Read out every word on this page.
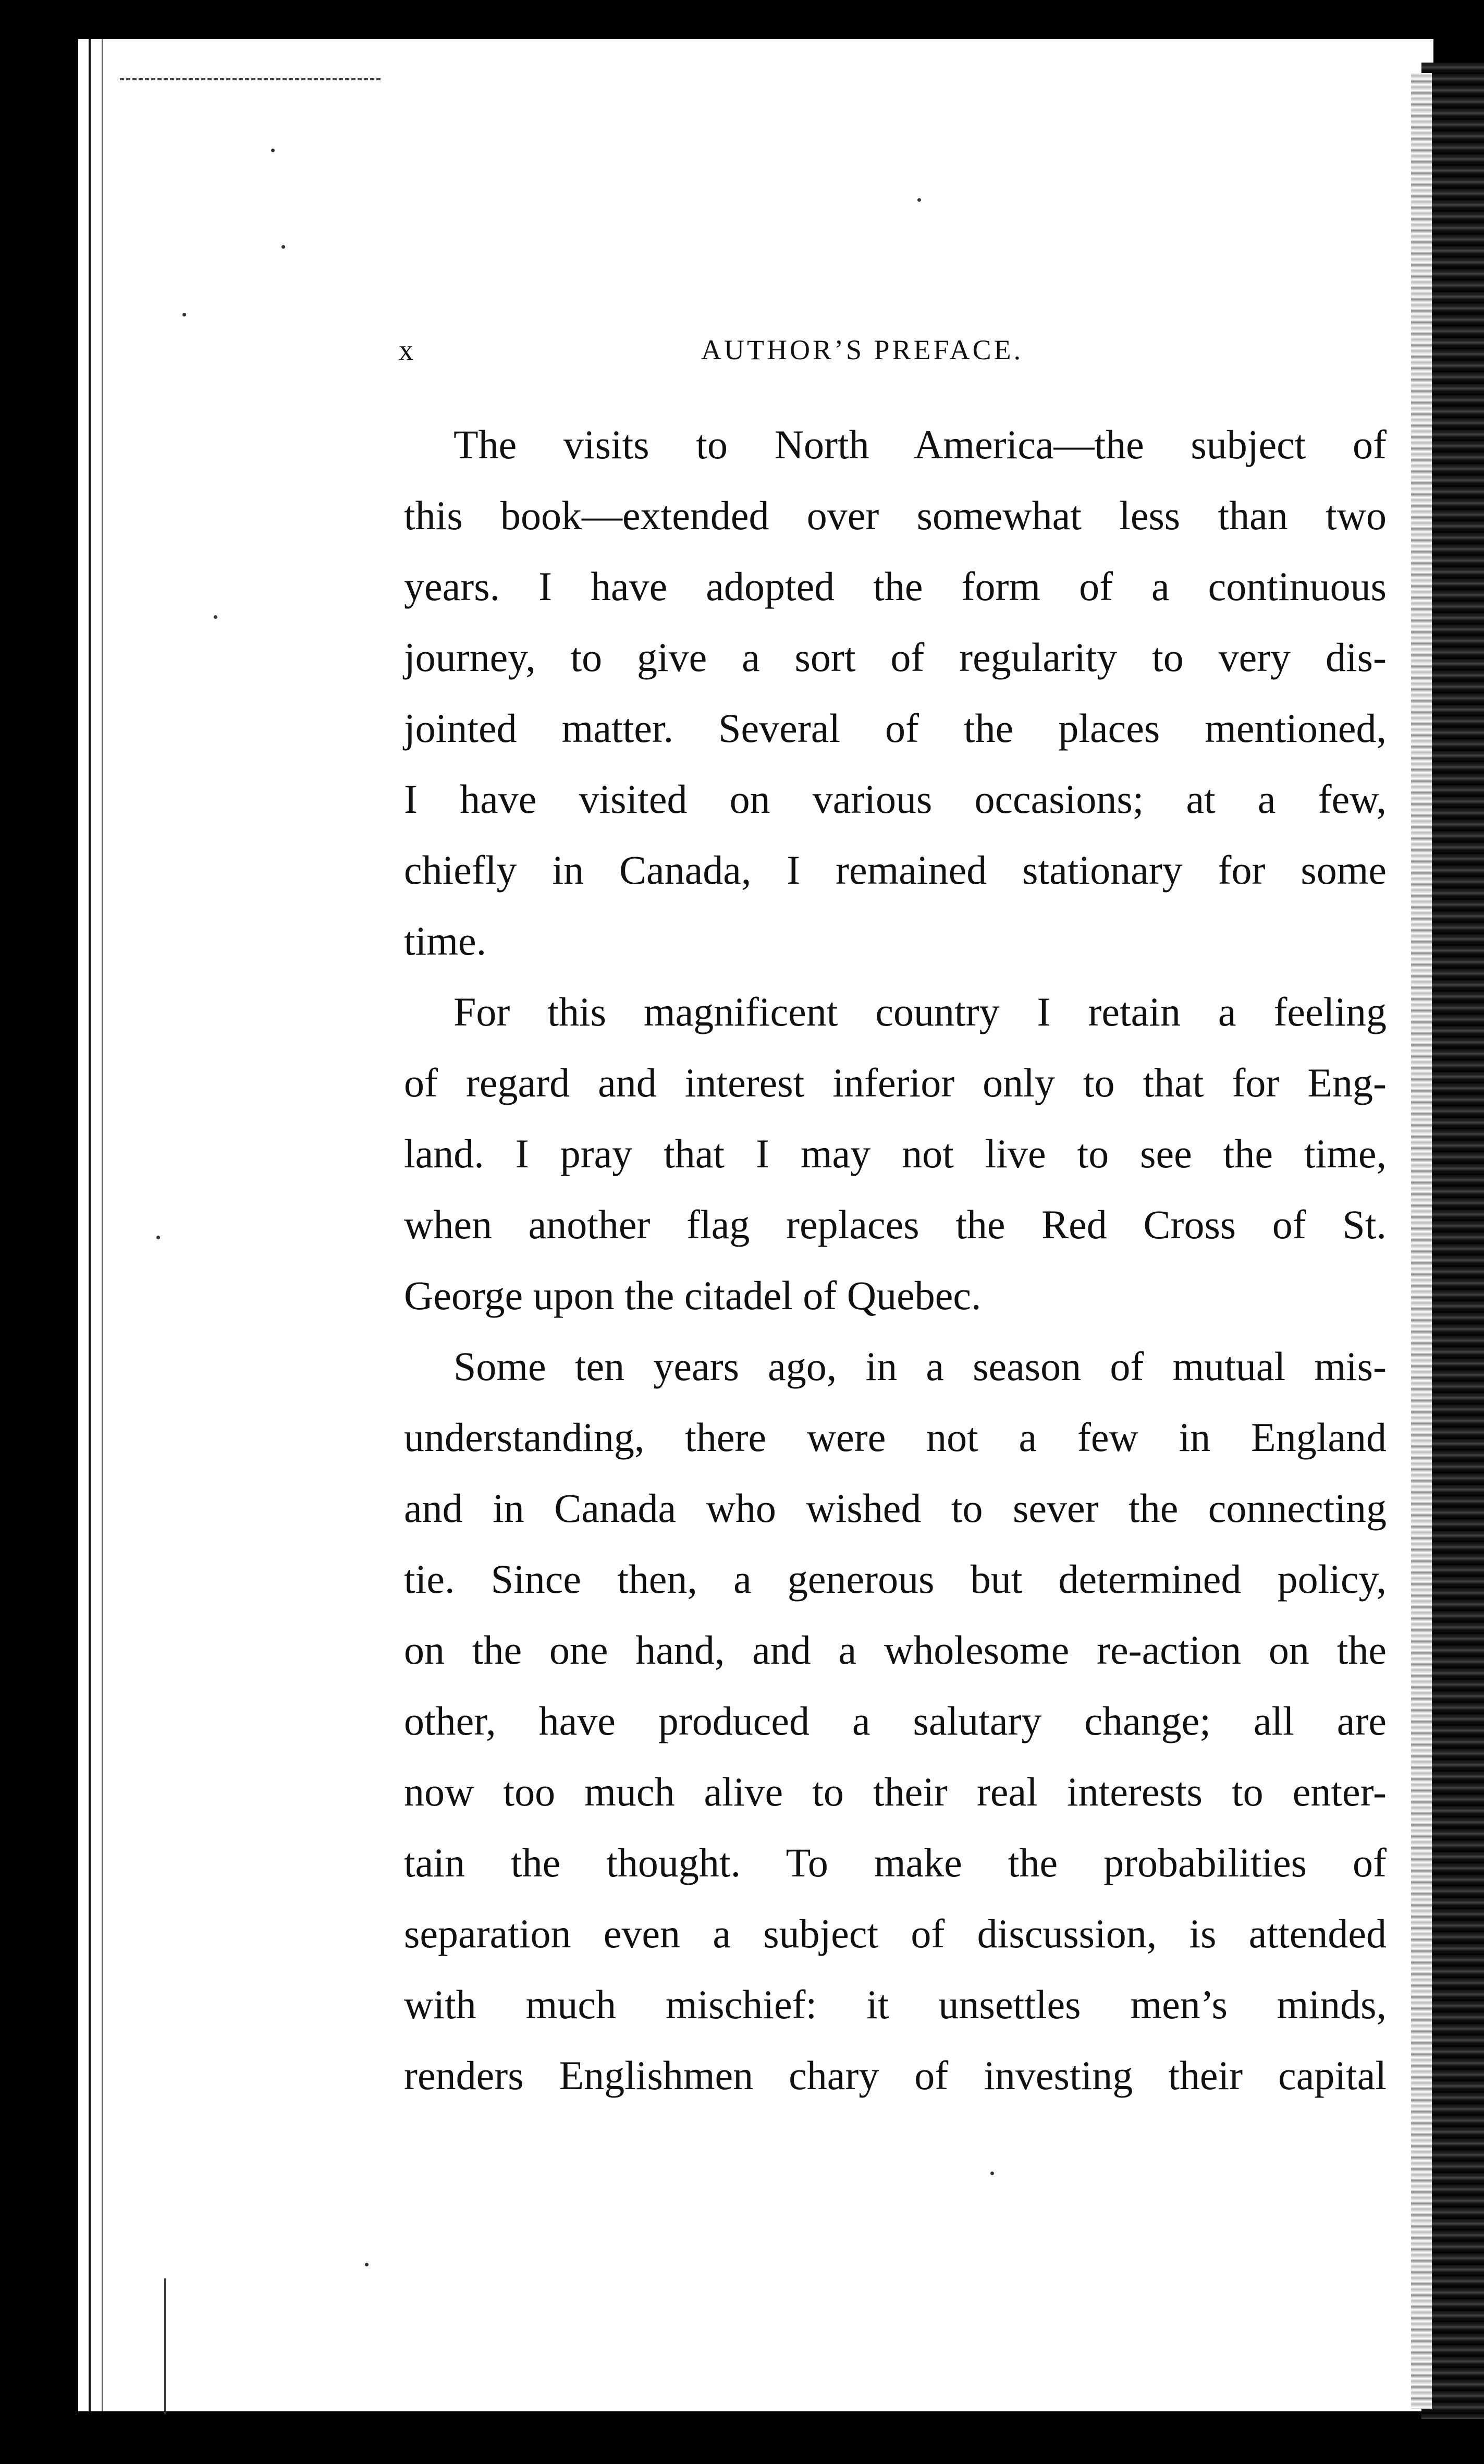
x	AUTHOR’S PREFACE.
The visits to North America—the subject of
this book—extended over somewhat less than two
years. I have adopted the form of a continuous
journey, to give a sort of regularity to very dis-
jointed matter. Several of the places mentioned,
I have visited on various occasions; at a few,
chiefly in Canada, I remained stationary for some
time.
For this magnificent country I retain a feeling
of regard and interest inferior only to that for Eng-
land. I pray that I may not live to see the time,
when another flag replaces the Red Cross of St.
George upon the citadel of Quebec.
Some ten years ago, in a season of mutual mis-
understanding, there were not a few in England
and in Canada who wished to sever the connecting
tie. Since then, a generous but determined policy,
on the one hand, and a wholesome re-action on the
other, have produced a salutary change; all are
now too much alive to their real interests to enter-
tain the thought. To make the probabilities of
separation even a subject of discussion, is attended
with much mischief: it unsettles men’s minds,
renders Englishmen chary of investing their capital
